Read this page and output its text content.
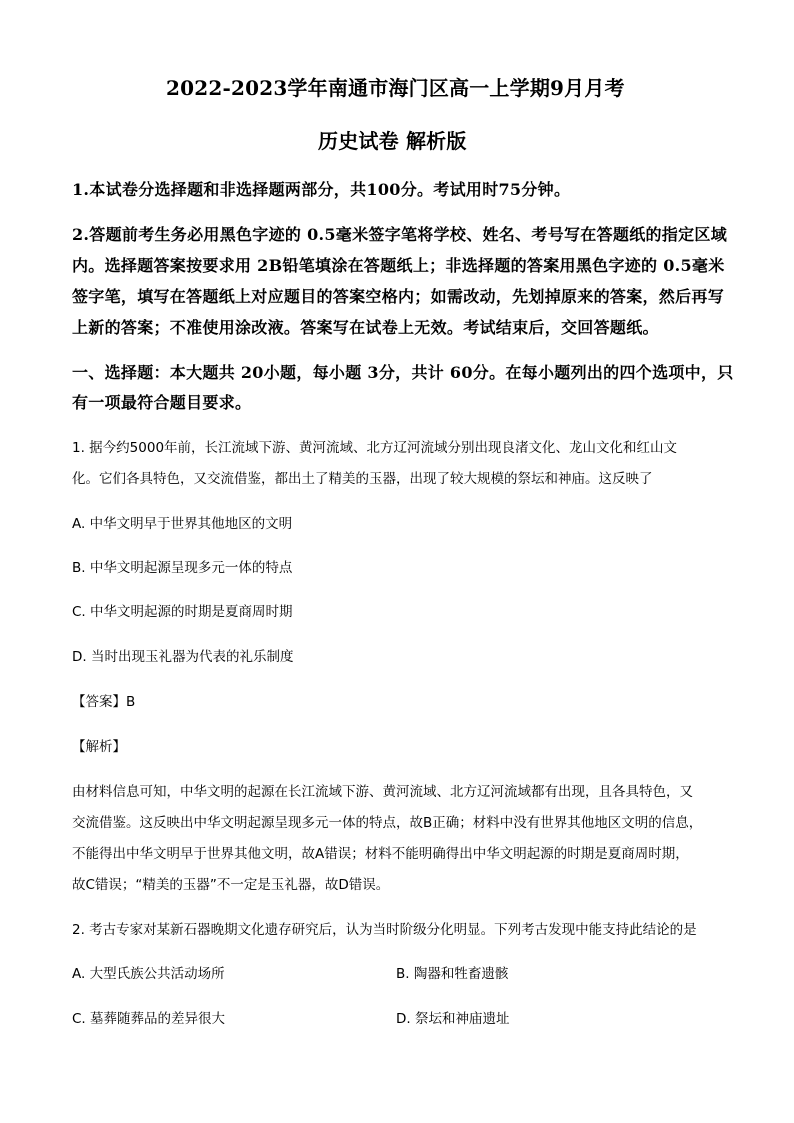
2022-2023学年南通市海门区高一上学期9月月考
历史试卷 解析版
1.本试卷分选择题和非选择题两部分，共100分。考试用时75分钟。
2.答题前考生务必用黑色字迹的 0.5毫米签字笔将学校、姓名、考号写在答题纸的指定区域
内。选择题答案按要求用 2B铅笔填涂在答题纸上；非选择题的答案用黑色字迹的 0.5毫米
签字笔，填写在答题纸上对应题目的答案空格内；如需改动，先划掉原来的答案，然后再写
上新的答案；不准使用涂改液。答案写在试卷上无效。考试结束后，交回答题纸。
一、选择题：本大题共 20小题，每小题 3分，共计 60分。在每小题列出的四个选项中，只
有一项最符合题目要求。
1. 据今约5000年前，长江流域下游、黄河流域、北方辽河流域分别出现良渚文化、龙山文化和红山文
化。它们各具特色，又交流借鉴，都出土了精美的玉器，出现了较大规模的祭坛和神庙。这反映了
A. 中华文明早于世界其他地区的文明
B. 中华文明起源呈现多元一体的特点
C. 中华文明起源的时期是夏商周时期
D. 当时出现玉礼器为代表的礼乐制度
【答案】B
【解析】
由材料信息可知，中华文明的起源在长江流域下游、黄河流域、北方辽河流域都有出现，且各具特色，又
交流借鉴。这反映出中华文明起源呈现多元一体的特点，故B正确；材料中没有世界其他地区文明的信息，
不能得出中华文明早于世界其他文明，故A错误；材料不能明确得出中华文明起源的时期是夏商周时期，
故C错误；“精美的玉器”不一定是玉礼器，故D错误。
2. 考古专家对某新石器晚期文化遗存研究后，认为当时阶级分化明显。下列考古发现中能支持此结论的是
A. 大型氏族公共活动场所	B. 陶器和牲畜遗骸
C. 墓葬随葬品的差异很大	D. 祭坛和神庙遗址
